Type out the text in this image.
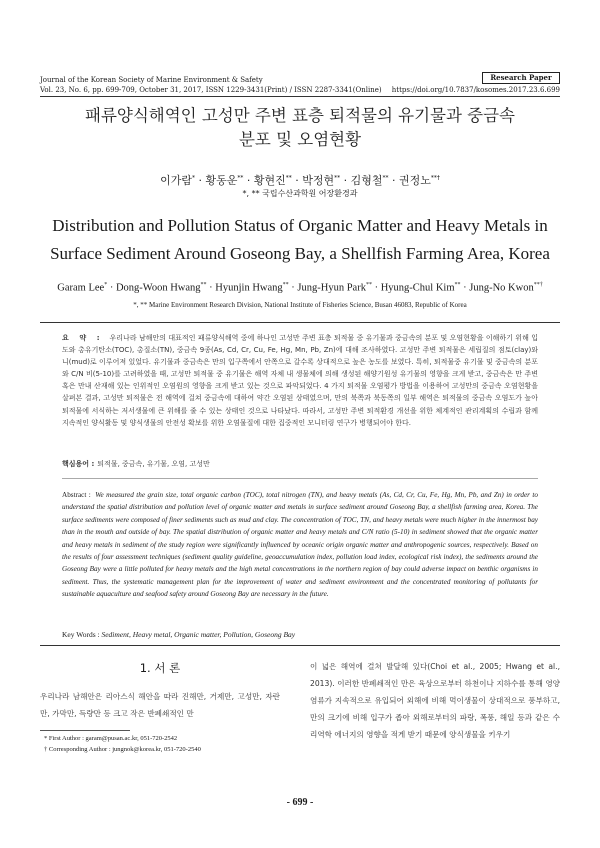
Journal of the Korean Society of Marine Environment & Safety
Vol. 23, No. 6, pp. 699-709, October 31, 2017, ISSN 1229-3431(Print) / ISSN 2287-3341(Online)
Research Paper
https://doi.org/10.7837/kosomes.2017.23.6.699
패류양식해역인 고성만 주변 표층 퇴적물의 유기물과 중금속
분포 및 오염현황
이가람* · 황동운** · 황현진** · 박정현** · 김형철** · 권정노**†
*, ** 국립수산과학원 어장환경과
Distribution and Pollution Status of Organic Matter and Heavy Metals in
Surface Sediment Around Goseong Bay, a Shellfish Farming Area, Korea
Garam Lee* · Dong-Woon Hwang** · Hyunjin Hwang** · Jung-Hyun Park** · Hyung-Chul Kim** · Jung-No Kwon**†
*, ** Marine Environment Research Division, National Institute of Fisheries Science, Busan 46083, Republic of Korea
요 약 : 우리나라 남해안의 대표적인 패류양식해역 중에 하나인 고성만 주변 표층 퇴적물 중 유기물과 중금속의 분포 및 오염현황을 이해하기 위해 입도와 총유기탄소(TOC), 총질소(TN), 중금속 9종(As, Cd, Cr, Cu, Fe, Hg, Mn, Pb, Zn)에 대해 조사하였다. 고성만 주변 퇴적물은 세립질의 점토(clay)와 니(mud)로 이루어져 있었다. 유기물과 중금속은 만의 입구쪽에서 안쪽으로 갈수록 상대적으로 높은 농도를 보였다. 특히, 퇴적물중 유기물 및 중금속의 분포와 C/N 비(5-10)를 고려하였을 때, 고성만 퇴적물 중 유기물은 해역 자체 내 생물체에 의해 생성된 해양기원성 유기물의 영향을 크게 받고, 중금속은 만 주변 혹은 만내 산재해 있는 인위적인 오염원의 영향을 크게 받고 있는 것으로 파악되었다. 4 가지 퇴적물 오염평가 방법을 이용하여 고성만의 중금속 오염현황을 살펴본 결과, 고성만 퇴적물은 전 해역에 걸쳐 중금속에 대하여 약간 오염된 상태였으며, 만의 북쪽과 북동쪽의 일부 해역은 퇴적물의 중금속 오염도가 높아 퇴적물에 서식하는 저서생물에 큰 위해를 줄 수 있는 상태인 것으로 나타났다. 따라서, 고성만 주변 퇴적환경 개선을 위한 체계적인 관리계획의 수립과 함께 지속적인 양식활동 및 양식생물의 안전성 확보를 위한 오염물질에 대한 집중적인 모니터링 연구가 병행되어야 한다.
핵심용어 : 퇴적물, 중금속, 유기물, 오염, 고성만
Abstract : We measured the grain size, total organic carbon (TOC), total nitrogen (TN), and heavy metals (As, Cd, Cr, Cu, Fe, Hg, Mn, Pb, and Zn) in order to understand the spatial distribution and pollution level of organic matter and metals in surface sediment around Goseong Bay, a shellfish farming area, Korea. The surface sediments were composed of finer sediments such as mud and clay. The concentration of TOC, TN, and heavy metals were much higher in the innermost bay than in the mouth and outside of bay. The spatial distribution of organic matter and heavy metals and C/N ratio (5-10) in sediment showed that the organic matter and heavy metals in sediment of the study region were significantly influenced by oceanic origin organic matter and anthropogenic sources, respectively. Based on the results of four assessment techniques (sediment quality guideline, geoaccumulation index, pollution load index, ecological risk index), the sediments around the Goseong Bay were a little polluted for heavy metals and the high metal concentrations in the northern region of bay could adverse impact on benthic organisms in sediment. Thus, the systematic management plan for the improvement of water and sediment environment and the concentrated monitoring of pollutants for sustainable aquaculture and seafood safety around Goseong Bay are necessary in the future.
Key Words : Sediment, Heavy metal, Organic matter, Pollution, Goseong Bay
1. 서 론
우리나라 남해안은 리아스식 해안을 따라 진해만, 거제만, 고성만, 자란만, 가막만, 득량만 등 크고 작은 반폐쇄적인 만
이 넓은 해역에 걸쳐 발달해 있다(Choi et al., 2005; Hwang et al., 2013). 이러한 반폐쇄적인 만은 육상으로부터 하천이나 지하수를 통해 영양염류가 지속적으로 유입되어 외해에 비해 먹이생물이 상대적으로 풍부하고, 만의 크기에 비해 입구가 좁아 외해로부터의 파랑, 폭풍, 해일 등과 같은 수리역학 에너지의 영향을 적게 받기 때문에 양식생물을 키우기
* First Author : garam@pusan.ac.kr, 051-720-2542
† Corresponding Author : jungnok@korea.kr, 051-720-2540
- 699 -
